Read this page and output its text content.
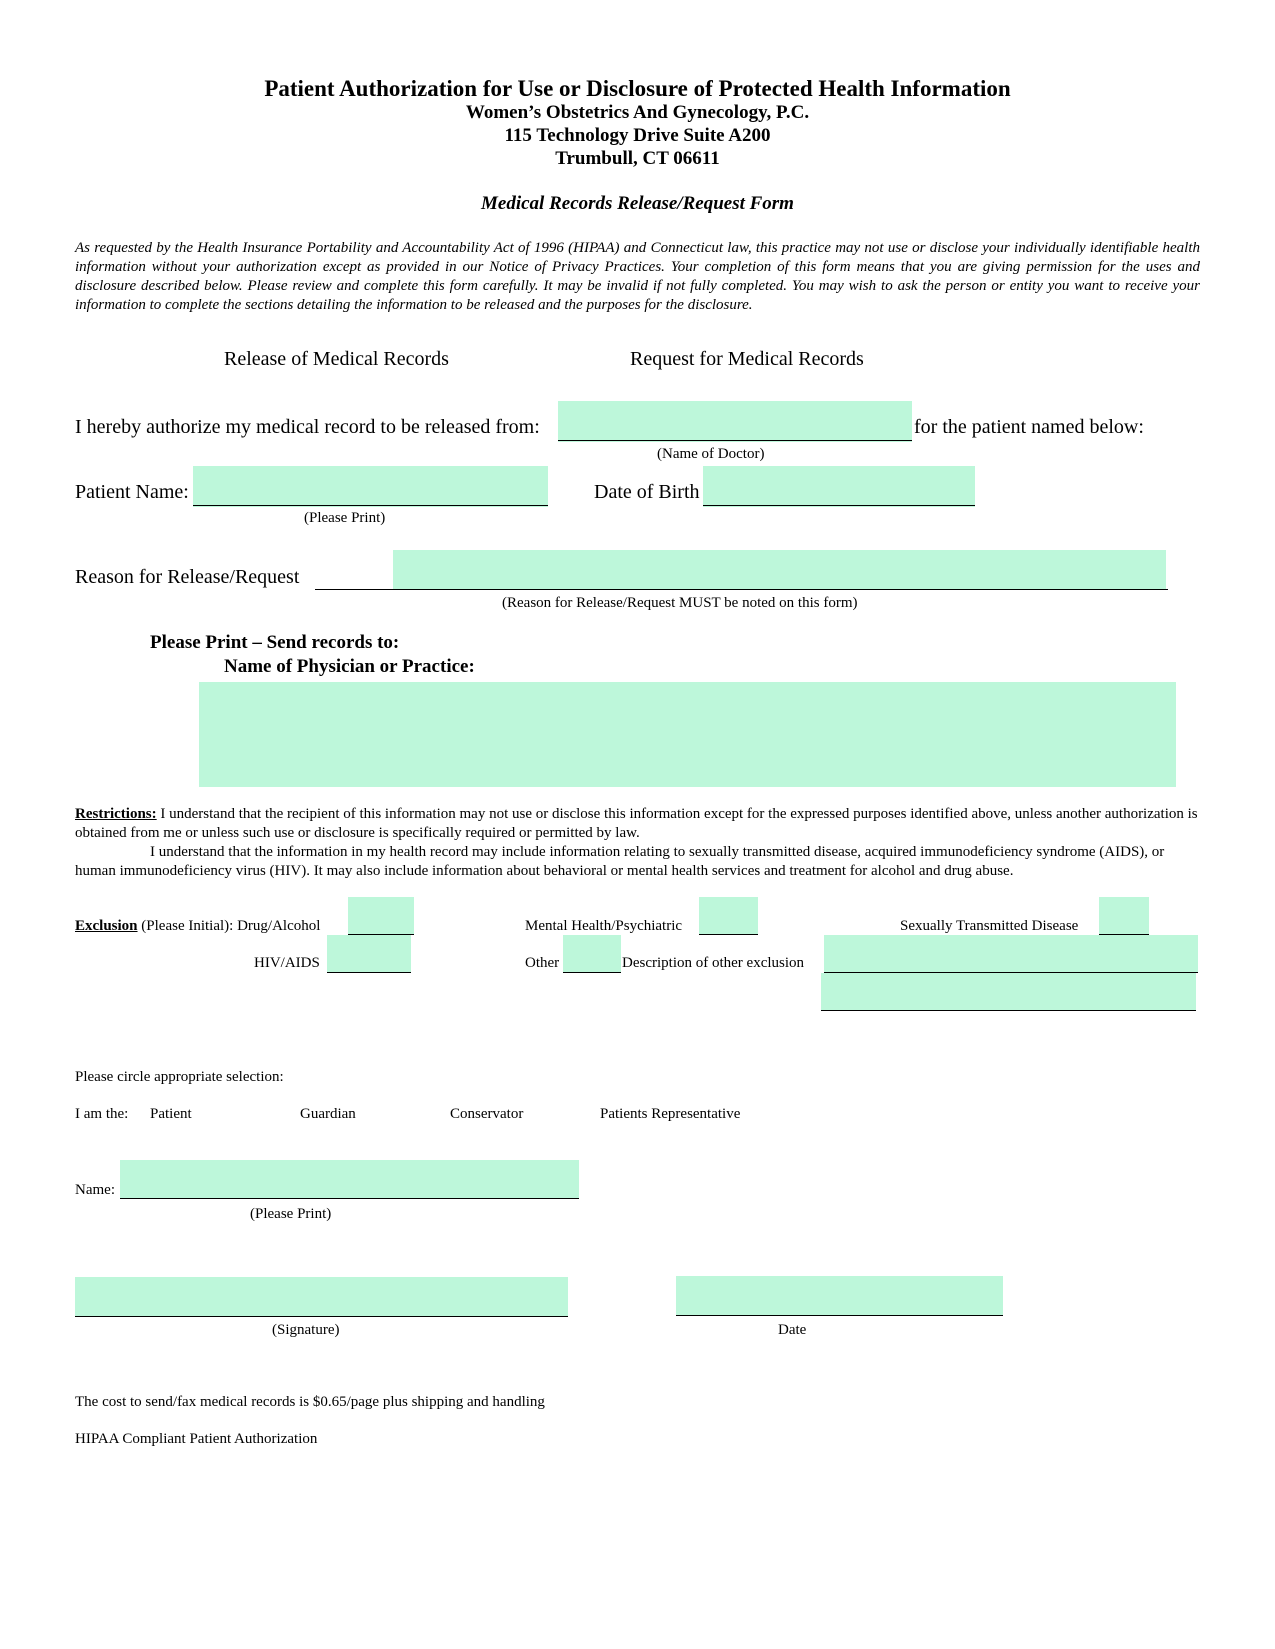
Patient Authorization for Use or Disclosure of Protected Health Information
Women’s Obstetrics And Gynecology, P.C.
115 Technology Drive Suite A200
Trumbull, CT 06611
Medical Records Release/Request Form
As requested by the Health Insurance Portability and Accountability Act of 1996 (HIPAA) and Connecticut law, this practice may not use or disclose your individually identifiable health information without your authorization except as provided in our Notice of Privacy Practices. Your completion of this form means that you are giving permission for the uses and disclosure described below. Please review and complete this form carefully. It may be invalid if not fully completed. You may wish to ask the person or entity you want to receive your information to complete the sections detailing the information to be released and the purposes for the disclosure.
Release of Medical Records	Request for Medical Records
I hereby authorize my medical record to be released from:	for the patient named below:
(Name of Doctor)
Patient Name:
(Please Print)
Date of Birth
Reason for Release/Request
(Reason for Release/Request MUST be noted on this form)
Please Print – Send records to:
Name of Physician or Practice:
Restrictions: I understand that the recipient of this information may not use or disclose this information except for the expressed purposes identified above, unless another authorization is obtained from me or unless such use or disclosure is specifically required or permitted by law.
I understand that the information in my health record may include information relating to sexually transmitted disease, acquired immunodeficiency syndrome (AIDS), or human immunodeficiency virus (HIV). It may also include information about behavioral or mental health services and treatment for alcohol and drug abuse.
Exclusion (Please Initial): Drug/Alcohol	Mental Health/Psychiatric	Sexually Transmitted Disease
HIV/AIDS	Other	Description of other exclusion
Please circle appropriate selection:
I am the: Patient	Guardian	Conservator	Patients Representative
Name:
(Please Print)
(Signature)	Date
The cost to send/fax medical records is $0.65/page plus shipping and handling
HIPAA Compliant Patient Authorization
